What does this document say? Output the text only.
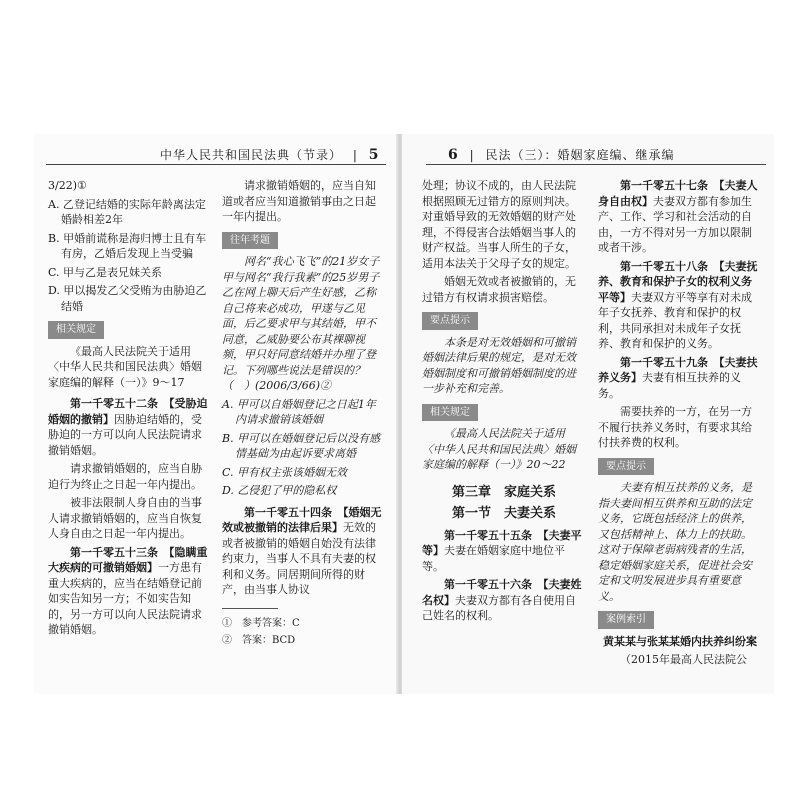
中华人民共和国民法典（节录） | 5

3/22)①

A. 乙登记结婚的实际年龄离法定婚龄相差2年

B. 甲婚前谎称是海归博士且有车有房，乙婚后发现上当受骗

C. 甲与乙是表兄妹关系

D. 甲以揭发乙父受贿为由胁迫乙结婚

相关规定

《最高人民法院关于适用〈中华人民共和国民法典〉婚姻家庭编的解释（一）》9～17

第一千零五十二条　【受胁迫婚姻的撤销】因胁迫结婚的，受胁迫的一方可以向人民法院请求撤销婚姻。

请求撤销婚姻的，应当自胁迫行为终止之日起一年内提出。

被非法限制人身自由的当事人请求撤销婚姻的，应当自恢复人身自由之日起一年内提出。

第一千零五十三条　【隐瞒重大疾病的可撤销婚姻】一方患有重大疾病的，应当在结婚登记前如实告知另一方；不如实告知的，另一方可以向人民法院请求撤销婚姻。

请求撤销婚姻的，应当自知道或者应当知道撤销事由之日起一年内提出。

往年考题

网名“我心飞飞”的21岁女子甲与网名“我行我素”的25岁男子乙在网上聊天后产生好感，乙称自己将来必成功，甲遂与乙见面，后乙要求甲与其结婚，甲不同意，乙威胁要公布其裸聊视频，甲只好同意结婚并办理了登记。下列哪些说法是错误的？（　）(2006/3/66)②

A. 甲可以自婚姻登记之日起1年内请求撤销该婚姻

B. 甲可以在婚姻登记后以没有感情基础为由起诉要求离婚

C. 甲有权主张该婚姻无效

D. 乙侵犯了甲的隐私权

第一千零五十四条　【婚姻无效或被撤销的法律后果】无效的或者被撤销的婚姻自始没有法律约束力，当事人不具有夫妻的权利和义务。同居期间所得的财产，由当事人协议

①　参考答案：C

②　答案：BCD

6 | 民法（三）：婚姻家庭编、继承编

处理；协议不成的，由人民法院根据照顾无过错方的原则判决。对重婚导致的无效婚姻的财产处理，不得侵害合法婚姻当事人的财产权益。当事人所生的子女，适用本法关于父母子女的规定。

婚姻无效或者被撤销的，无过错方有权请求损害赔偿。

要点提示

本条是对无效婚姻和可撤销婚姻法律后果的规定，是对无效婚姻制度和可撤销婚姻制度的进一步补充和完善。

相关规定

《最高人民法院关于适用〈中华人民共和国民法典〉婚姻家庭编的解释（一）》20～22

第三章　家庭关系

第一节　夫妻关系

第一千零五十五条　【夫妻平等】夫妻在婚姻家庭中地位平等。

第一千零五十六条　【夫妻姓名权】夫妻双方都有各自使用自己姓名的权利。

第一千零五十七条　【夫妻人身自由权】夫妻双方都有参加生产、工作、学习和社会活动的自由，一方不得对另一方加以限制或者干涉。

第一千零五十八条　【夫妻抚养、教育和保护子女的权利义务平等】夫妻双方平等享有对未成年子女抚养、教育和保护的权利，共同承担对未成年子女抚养、教育和保护的义务。

第一千零五十九条　【夫妻扶养义务】夫妻有相互扶养的义务。

需要扶养的一方，在另一方不履行扶养义务时，有要求其给付扶养费的权利。

要点提示

夫妻有相互扶养的义务，是指夫妻间相互供养和互助的法定义务，它既包括经济上的供养，又包括精神上、体力上的扶助。这对于保障老弱病残者的生活，稳定婚姻家庭关系，促进社会安定和文明发展进步具有重要意义。

案例索引

黄某某与张某某婚内扶养纠纷案

（2015年最高人民法院公
